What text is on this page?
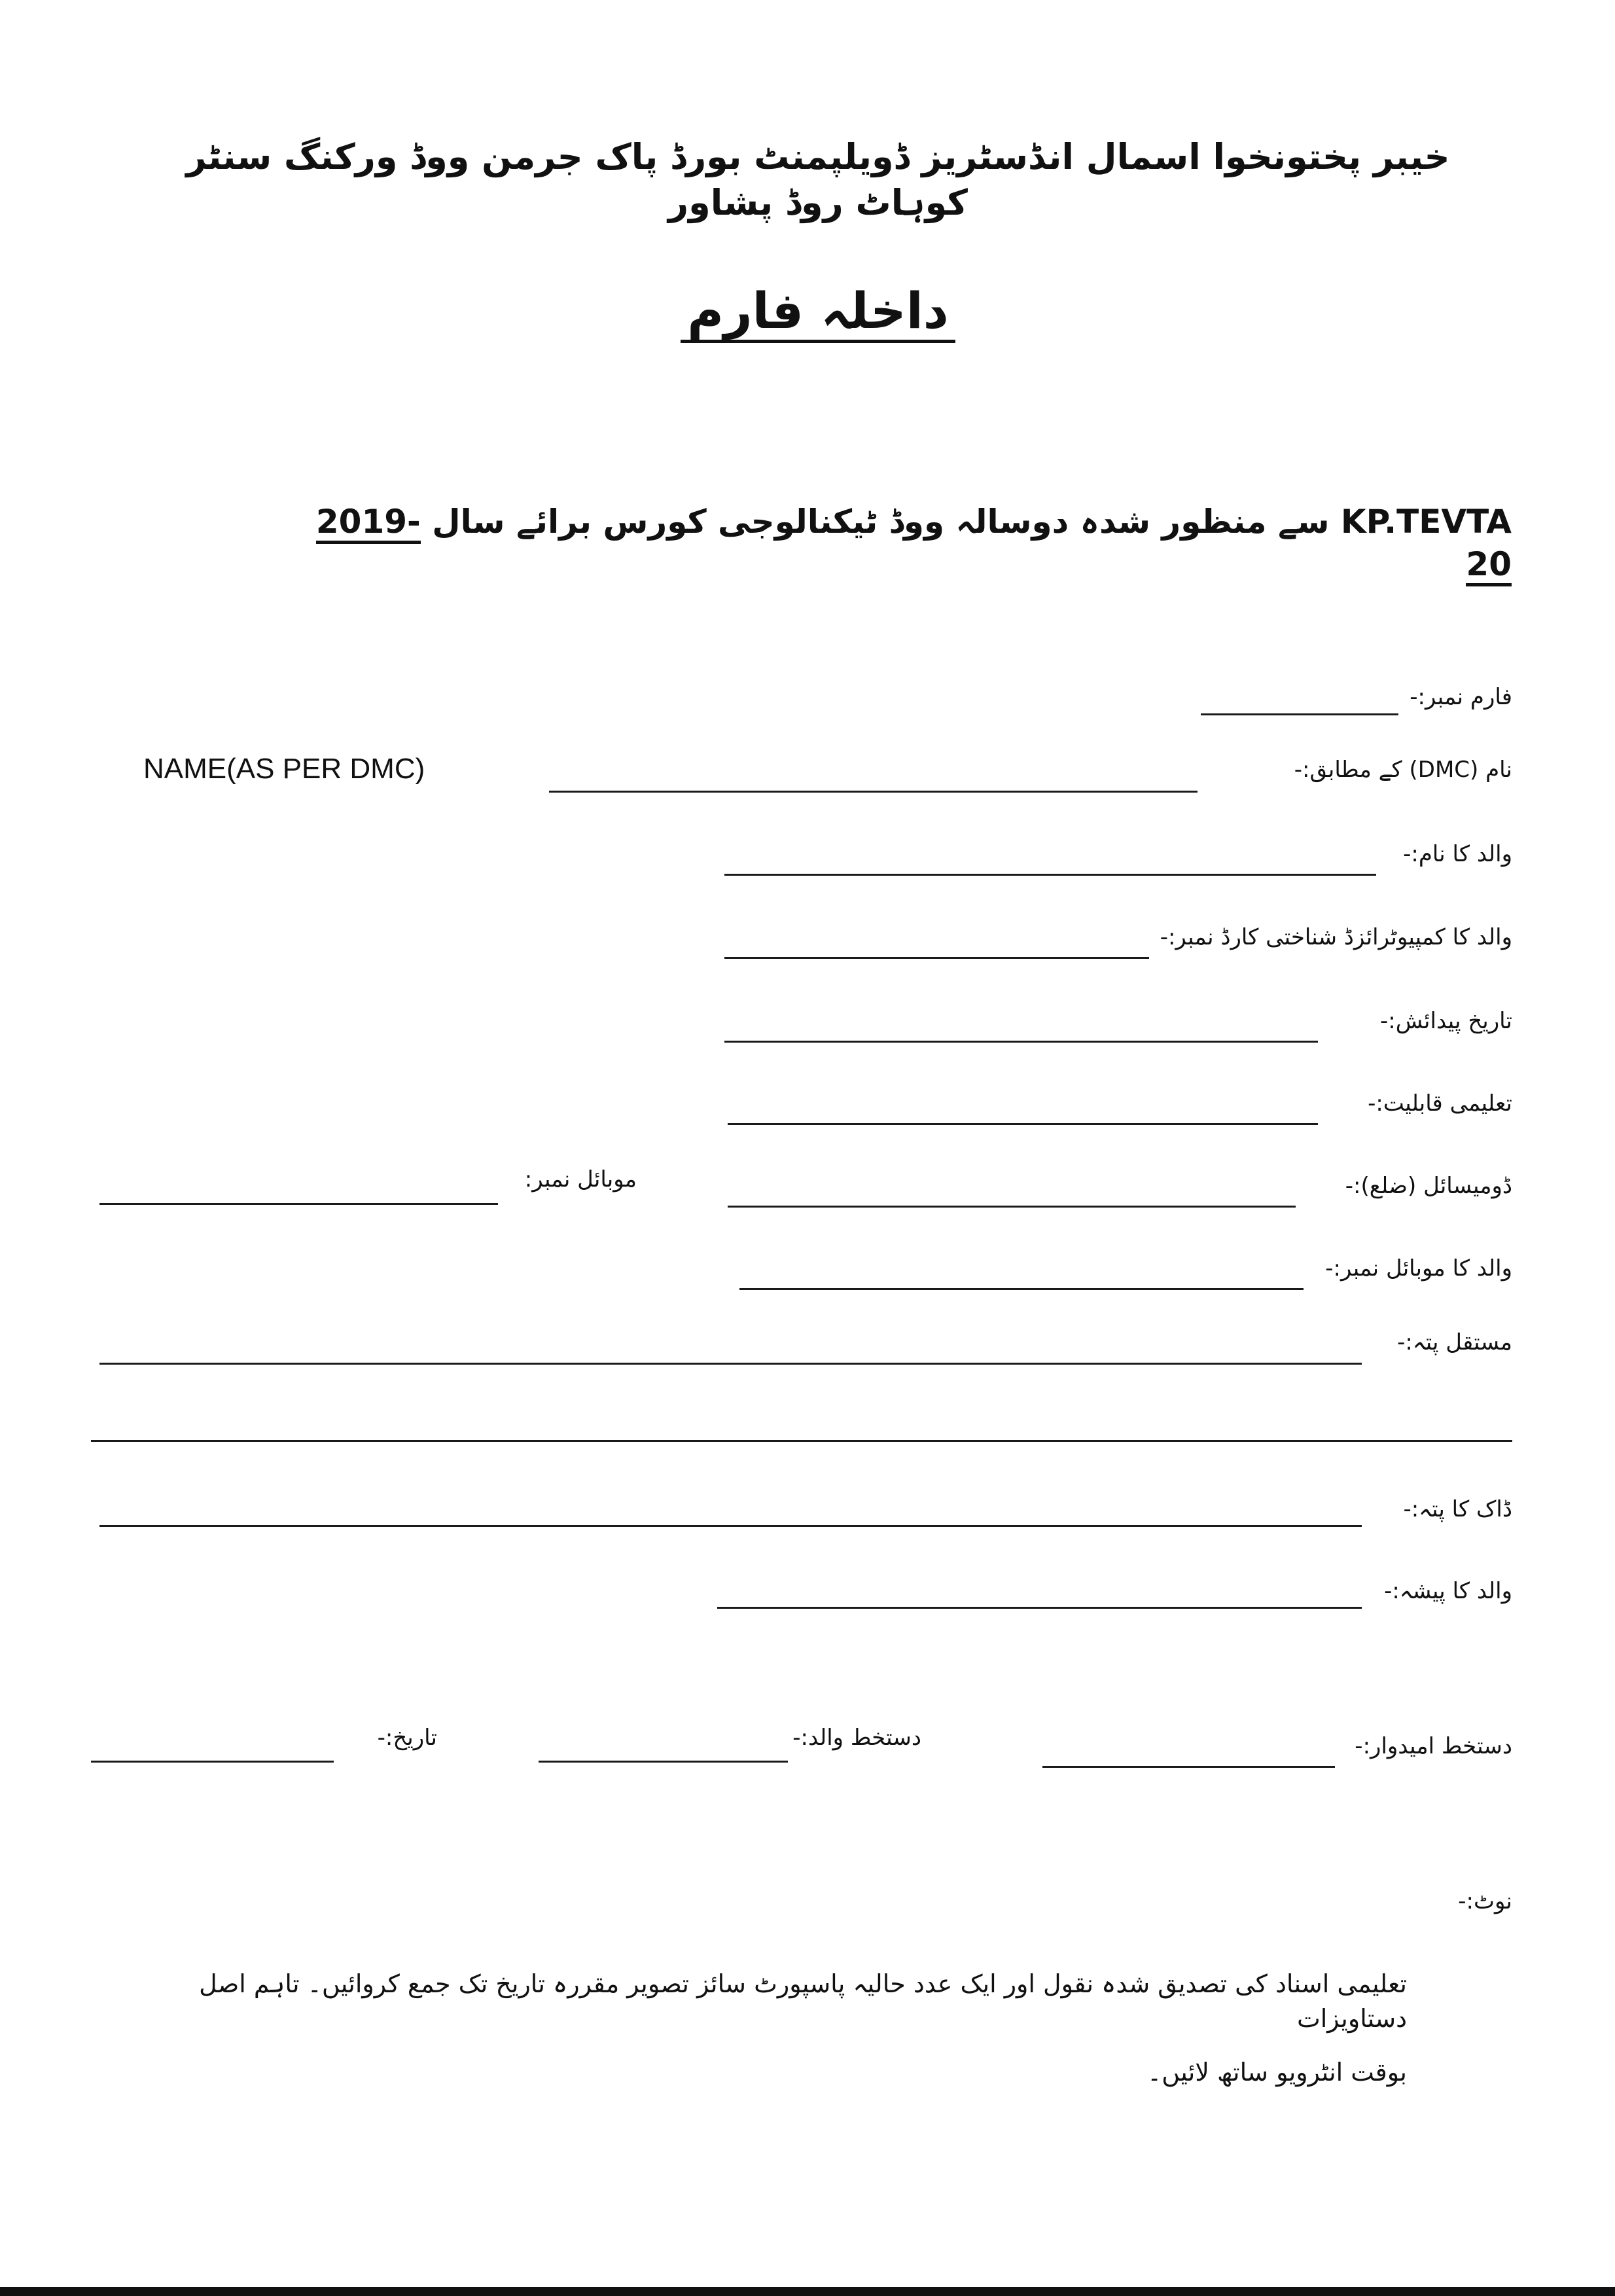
خیبر پختونخوا اسمال انڈسٹریز ڈویلپمنٹ بورڈ پاک جرمن ووڈ ورکنگ سنٹر کوہاٹ روڈ پشاور
داخلہ فارم
KP.TEVTA سے منظور شدہ دوسالہ ووڈ ٹیکنالوجی کورس برائے سال 2019-20
فارم نمبر:-
نام (DMC) کے مطابق:-
NAME(AS PER DMC)
والد کا نام:-
والد کا کمپیوٹرائزڈ شناختی کارڈ نمبر:-
تاریخ پیدائش:-
تعلیمی قابلیت:-
ڈومیسائل (ضلع):-
موبائل نمبر:
والد کا موبائل نمبر:-
مستقل پتہ:-
ڈاک کا پتہ:-
والد کا پیشہ:-
دستخط امیدوار:-
دستخط والد:-
تاریخ:-
نوٹ:-
تعلیمی اسناد کی تصدیق شدہ نقول اور ایک عدد حالیہ پاسپورٹ سائز تصویر مقررہ تاریخ تک جمع کروائیں۔ تاہم اصل دستاویزات
بوقت انٹرویو ساتھ لائیں۔
